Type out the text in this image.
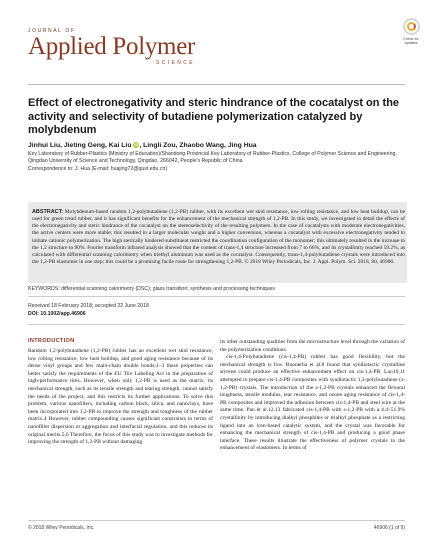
JOURNAL OF
Applied Polymer
SCIENCE
Check for
updates
Effect of electronegativity and steric hindrance of the cocatalyst on the activity and selectivity of butadiene polymerization catalyzed by molybdenum
Jinhui Liu, Jieting Geng, Kai Liu iD, Lingli Zou, Zhaobo Wang, Jing Hua
Key Laboratory of Rubber-Plastics (Ministry of Education)/Shandong Provincial Key Laboratory of Rubber-Plastics, College of Polymer Science and Engineering, Qingdao University of Science and Technology, Qingdao, 266042, People's Republic of China
Correspondence to: J. Hua (E-mail: huajing72@qust.edu.cn)
ABSTRACT: Molybdenum-based random 1,2-polybutadiene (1,2-PB) rubber, with its excellent wet skid resistance, low rolling resistance, and low heat buildup, can be used for green tread rubber, and it has significant benefits for the enhancement of the mechanical strength of 1,2-PB. In this study, we investigated in detail the effects of the electronegativity and steric hindrance of the cocatalyst on the stereoselectivity of the resulting polymers. In the case of cocatalysts with moderate electronegativities, the active centers were more stable; this resulted in a larger molecular weight and a higher conversion, whereas a cocatalyst with excessive electronegativity tended to initiate cationic polymerization. The high sterically hindered substituent restricted the coordination configuration of the monomer; this ultimately resulted in the increase in the 1,2 structure to 90%. Fourier transform infrared analysis showed that the content of trans-1,4 structure increased from 7 to 66%, and its crystallinity reached 59.2%, as calculated with differential scanning calorimetry when triethyl aluminum was used as the cocatalyst. Consequently, trans-1,4-polybutadiene crystals were introduced into the 1,2-PB elastomer in one step; this could be a promising facile route for strengthening 1,2-PB. © 2018 Wiley Periodicals, Inc. J. Appl. Polym. Sci. 2018, 80, 46906.
KEYWORDS: differential scanning calorimetry (DSC); glass transition; synthesis and processing techniques
Received 18 February 2018; accepted 22 June 2018
DOI: 10.1002/app.46906
INTRODUCTION

Random 1,2-polybutadiene (1,2-PB) rubber has an excellent wet skid resistance, low rolling resistance, low heat buildup, and good aging resistance because of its dense vinyl groups and few main-chain double bonds;1–3 these properties can better satisfy the requirements of the EU Tire Labeling Act in the preparation of high-performance tires. However, when only 1,2-PB is used as the matrix, its mechanical strength, such as its tensile strength and tearing strength, cannot satisfy the needs of the project, and this restricts its further applications. To solve this problem, various nanofillers, including carbon black, silica, and nanoclays, have been incorporated into 1,2-PB to improve the strength and toughness of the rubber matrix.4 However, rubber compounding causes significant constraints in terms of nanofiller dispersion or aggregation and interfacial regulation, and this reduces its original merits.5,6 Therefore, the focus of this study was to investigate methods for improving the strength of 1,2-PB without damaging

its other outstanding qualities from the microstructure level through the variation of the polymerization conditions.

cis-1,4-Polybutadiene (cis-1,4-PB) rubber has good flexibility, but the mechanical strength is low. Buonerba et al.8 found that syndiotactic crystalline styrene could produce an effective enhancement effect on cis-1,4-PB. Luo10,11 attempted to prepare cis-1,4-PB composites with syndiotactic 1,2-polybutadiene (s-1,2-PB) crystals. The introduction of the s-1,2-PB crystals enhanced the flexural toughness, tensile modulus, tear resistance, and ozone aging resistance of cis-1,4-PB composites and improved the adhesion between cis-1,4-PB and steel wire at the same time. Pan et al.12,13 fabricated cis-1,4-PB with s-1,2-PB with a 4.4–51.9% crystallinity by introducing dialkyl phosphites or trialkyl phosphate as a restricting ligand into an iron-based catalytic system, and the crystal was favorable for enhancing the mechanical strength of cis-1,4-PB and producing a good phase interface. These results illustrate the effectiveness of polymer crystals in the enhancement of elastomers. In terms of

© 2018 Wiley Periodicals, Inc.	46906 (1 of 9)
